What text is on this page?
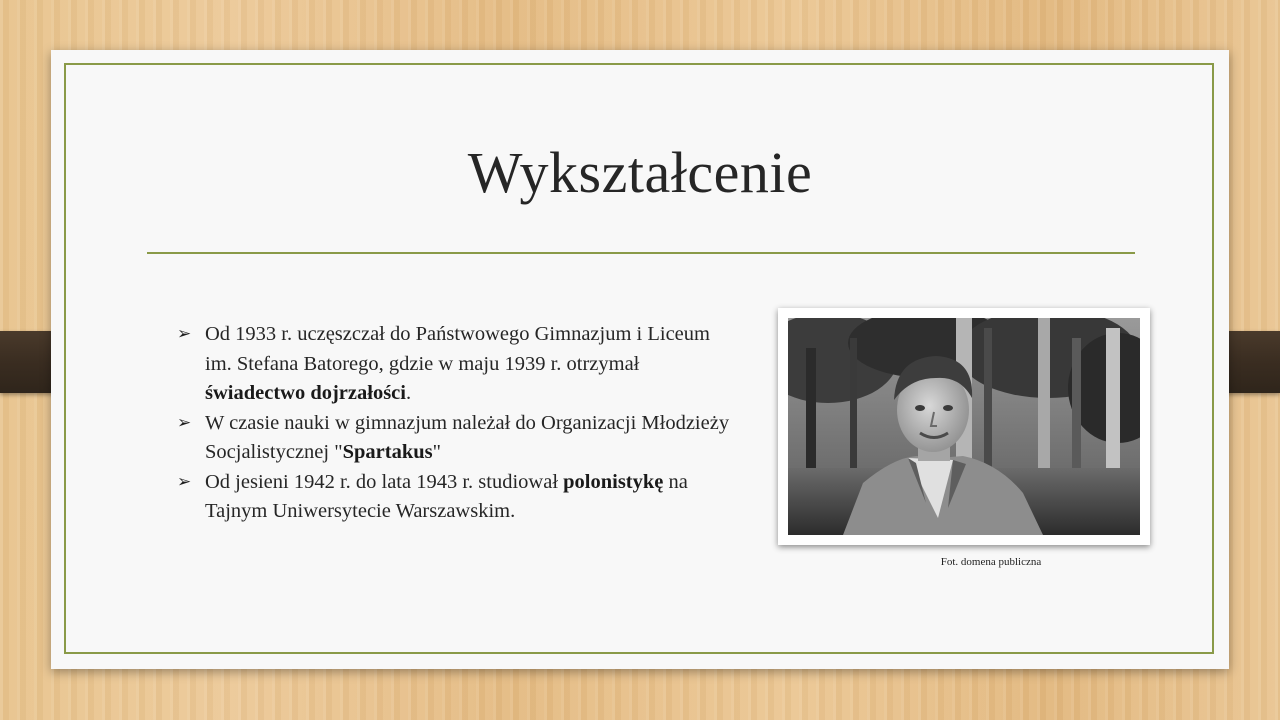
Wykształcenie
➢ Od 1933 r. uczęszczał do Państwowego Gimnazjum i Liceum im. Stefana Batorego, gdzie w maju 1939 r. otrzymał świadectwo dojrzałości.
➢ W czasie nauki w gimnazjum należał do Organizacji Młodzieży Socjalistycznej "Spartakus"
➢ Od jesieni 1942 r. do lata 1943 r. studiował polonistykę na Tajnym Uniwersytecie Warszawskim.
Fot. domena publiczna
